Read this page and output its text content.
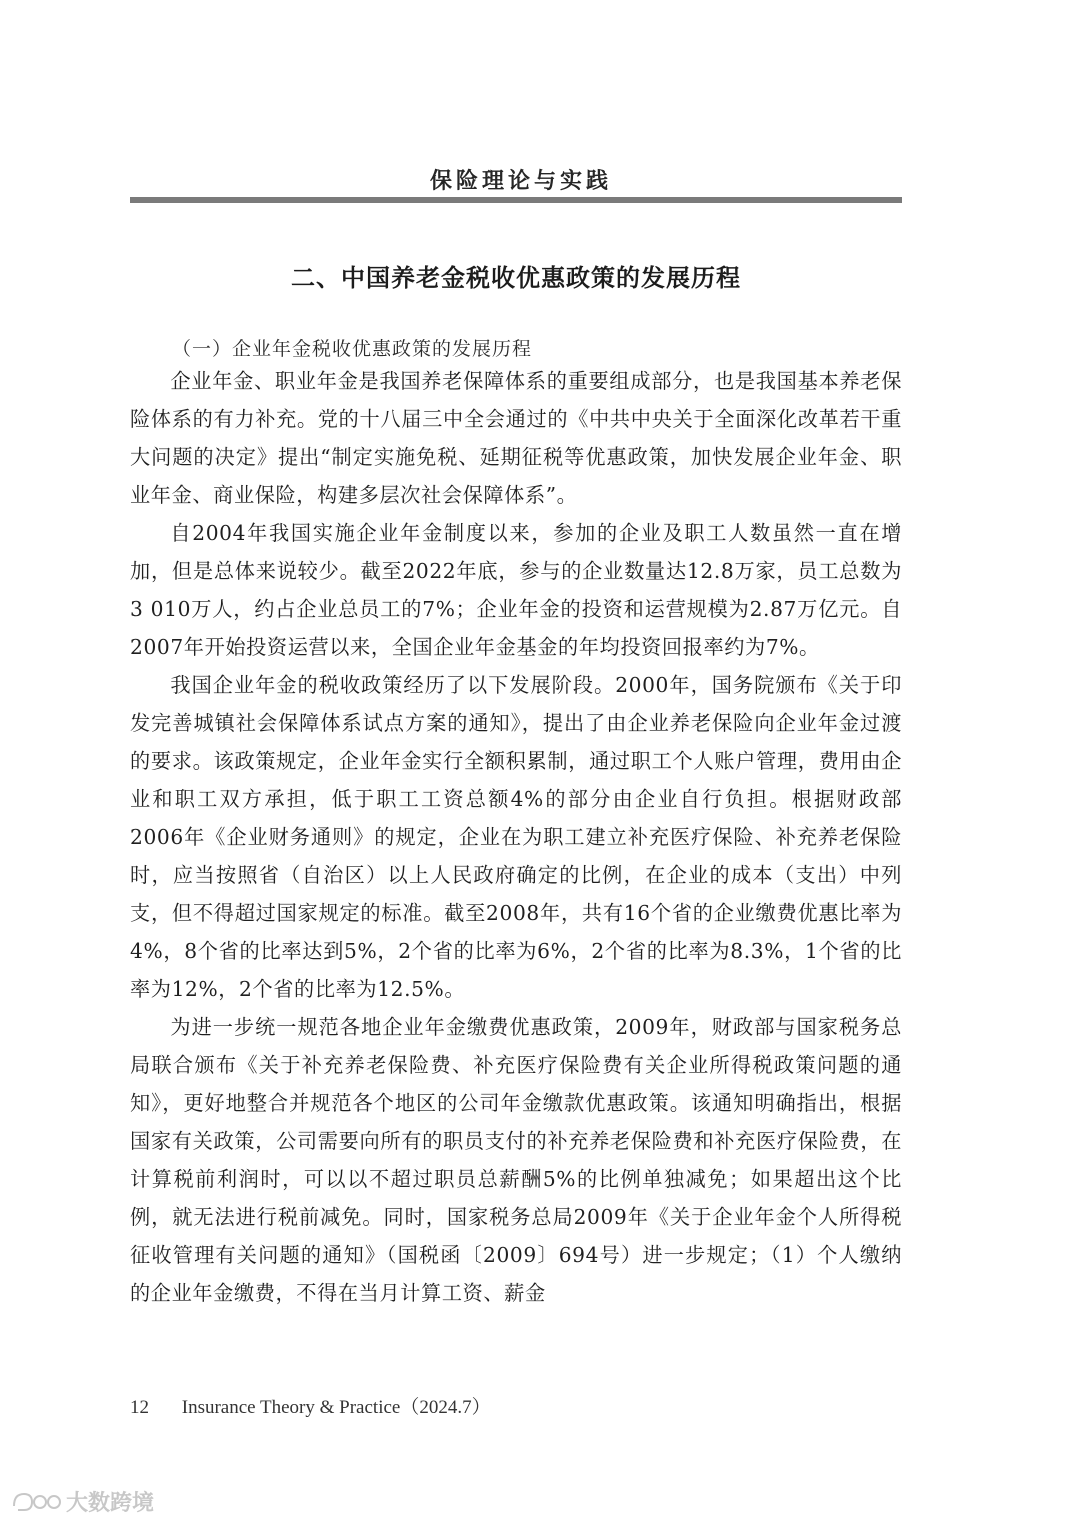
保险理论与实践
二、中国养老金税收优惠政策的发展历程
（一）企业年金税收优惠政策的发展历程

企业年金、职业年金是我国养老保障体系的重要组成部分，也是我国基本养老保险体系的有力补充。党的十八届三中全会通过的《中共中央关于全面深化改革若干重大问题的决定》提出“制定实施免税、延期征税等优惠政策，加快发展企业年金、职业年金、商业保险，构建多层次社会保障体系”。

自2004年我国实施企业年金制度以来，参加的企业及职工人数虽然一直在增加，但是总体来说较少。截至2022年底，参与的企业数量达12.8万家，员工总数为3 010万人，约占企业总员工的7%；企业年金的投资和运营规模为2.87万亿元。自2007年开始投资运营以来，全国企业年金基金的年均投资回报率约为7%。

我国企业年金的税收政策经历了以下发展阶段。2000年，国务院颁布《关于印发完善城镇社会保障体系试点方案的通知》，提出了由企业养老保险向企业年金过渡的要求。该政策规定，企业年金实行全额积累制，通过职工个人账户管理，费用由企业和职工双方承担，低于职工工资总额4%的部分由企业自行负担。根据财政部2006年《企业财务通则》的规定，企业在为职工建立补充医疗保险、补充养老保险时，应当按照省（自治区）以上人民政府确定的比例，在企业的成本（支出）中列支，但不得超过国家规定的标准。截至2008年，共有16个省的企业缴费优惠比率为4%，8个省的比率达到5%，2个省的比率为6%，2个省的比率为8.3%，1个省的比率为12%，2个省的比率为12.5%。

为进一步统一规范各地企业年金缴费优惠政策，2009年，财政部与国家税务总局联合颁布《关于补充养老保险费、补充医疗保险费有关企业所得税政策问题的通知》，更好地整合并规范各个地区的公司年金缴款优惠政策。该通知明确指出，根据国家有关政策，公司需要向所有的职员支付的补充养老保险费和补充医疗保险费，在计算税前利润时，可以以不超过职员总薪酬5%的比例单独减免；如果超出这个比例，就无法进行税前减免。同时，国家税务总局2009年《关于企业年金个人所得税征收管理有关问题的通知》（国税函〔2009〕694号）进一步规定；（1）个人缴纳的企业年金缴费，不得在当月计算工资、薪金

12 Insurance Theory & Practice（2024.7）
大数跨境
